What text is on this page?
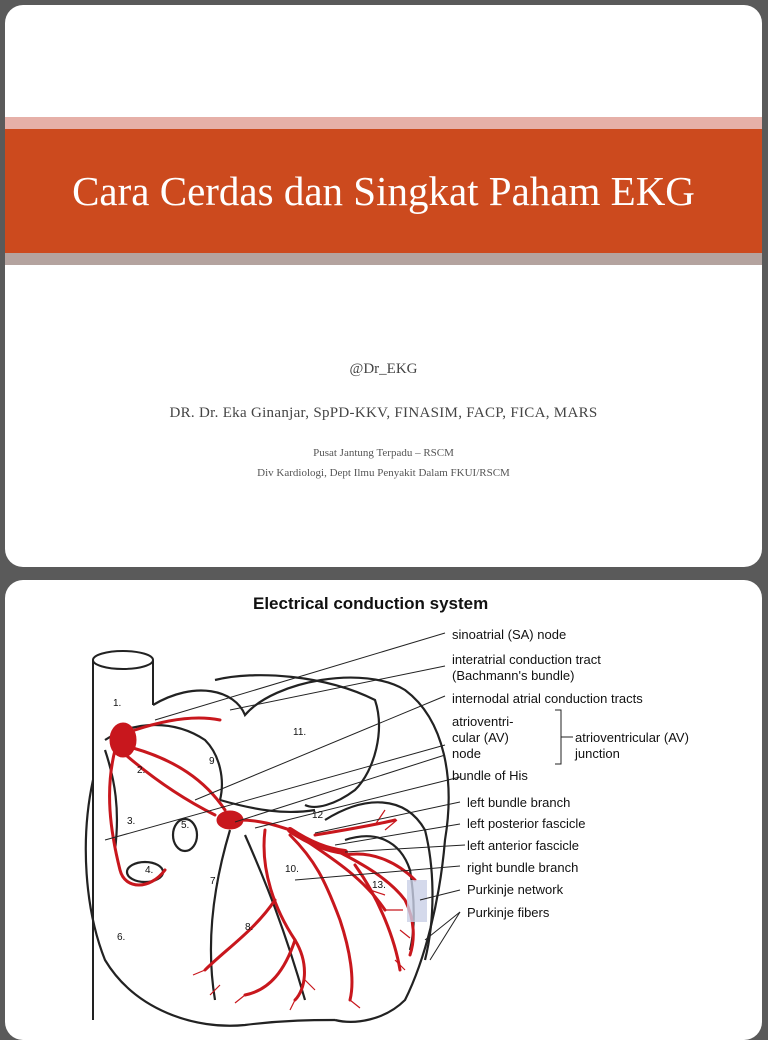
Cara Cerdas dan Singkat Paham EKG
@Dr_EKG
DR. Dr. Eka Ginanjar, SpPD-KKV, FINASIM, FACP, FICA, MARS
Pusat Jantung Terpadu – RSCM
Div Kardiologi, Dept Ilmu Penyakit Dalam FKUI/RSCM
Electrical conduction system
sinoatrial (SA) node
interatrial conduction tract
(Bachmann's bundle)
internodal atrial conduction tracts
atrioventri-
cular (AV)
node
atrioventricular (AV)
junction
bundle of His
left bundle branch
left posterior fascicle
left anterior fascicle
right bundle branch
Purkinje network
Purkinje fibers
1.
2.
3.
4.
5.
6.
7.
8.
9
10.
11.
12
13.
